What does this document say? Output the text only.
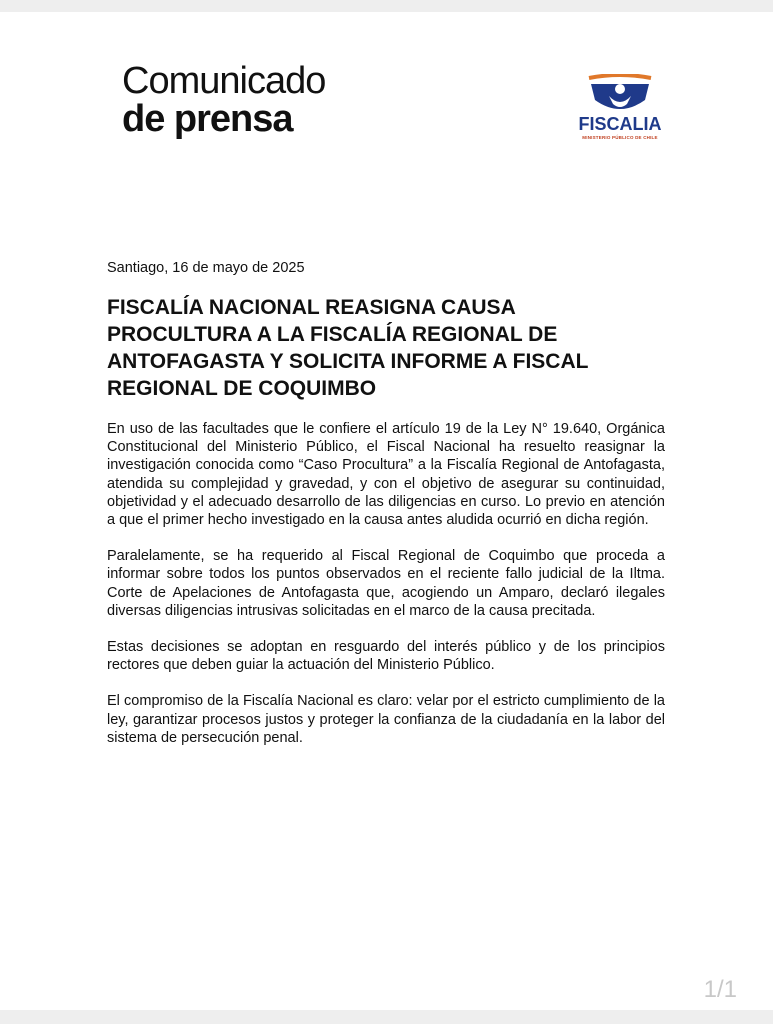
Comunicado
de prensa	FISCALIA
MINISTERIO PÚBLICO DE CHILE

Santiago, 16 de mayo de 2025

FISCALÍA NACIONAL REASIGNA CAUSA PROCULTURA A LA FISCALÍA REGIONAL DE ANTOFAGASTA Y SOLICITA INFORME A FISCAL REGIONAL DE COQUIMBO

En uso de las facultades que le confiere el artículo 19 de la Ley N° 19.640, Orgánica Constitucional del Ministerio Público, el Fiscal Nacional ha resuelto reasignar la investigación conocida como “Caso Procultura” a la Fiscalía Regional de Antofagasta, atendida su complejidad y gravedad, y con el objetivo de asegurar su continuidad, objetividad y el adecuado desarrollo de las diligencias en curso. Lo previo en atención a que el primer hecho investigado en la causa antes aludida ocurrió en dicha región.

Paralelamente, se ha requerido al Fiscal Regional de Coquimbo que proceda a informar sobre todos los puntos observados en el reciente fallo judicial de la Iltma. Corte de Apelaciones de Antofagasta que, acogiendo un Amparo, declaró ilegales diversas diligencias intrusivas solicitadas en el marco de la causa precitada.

Estas decisiones se adoptan en resguardo del interés público y de los principios rectores que deben guiar la actuación del Ministerio Público.

El compromiso de la Fiscalía Nacional es claro: velar por el estricto cumplimiento de la ley, garantizar procesos justos y proteger la confianza de la ciudadanía en la labor del sistema de persecución penal.

1/1
